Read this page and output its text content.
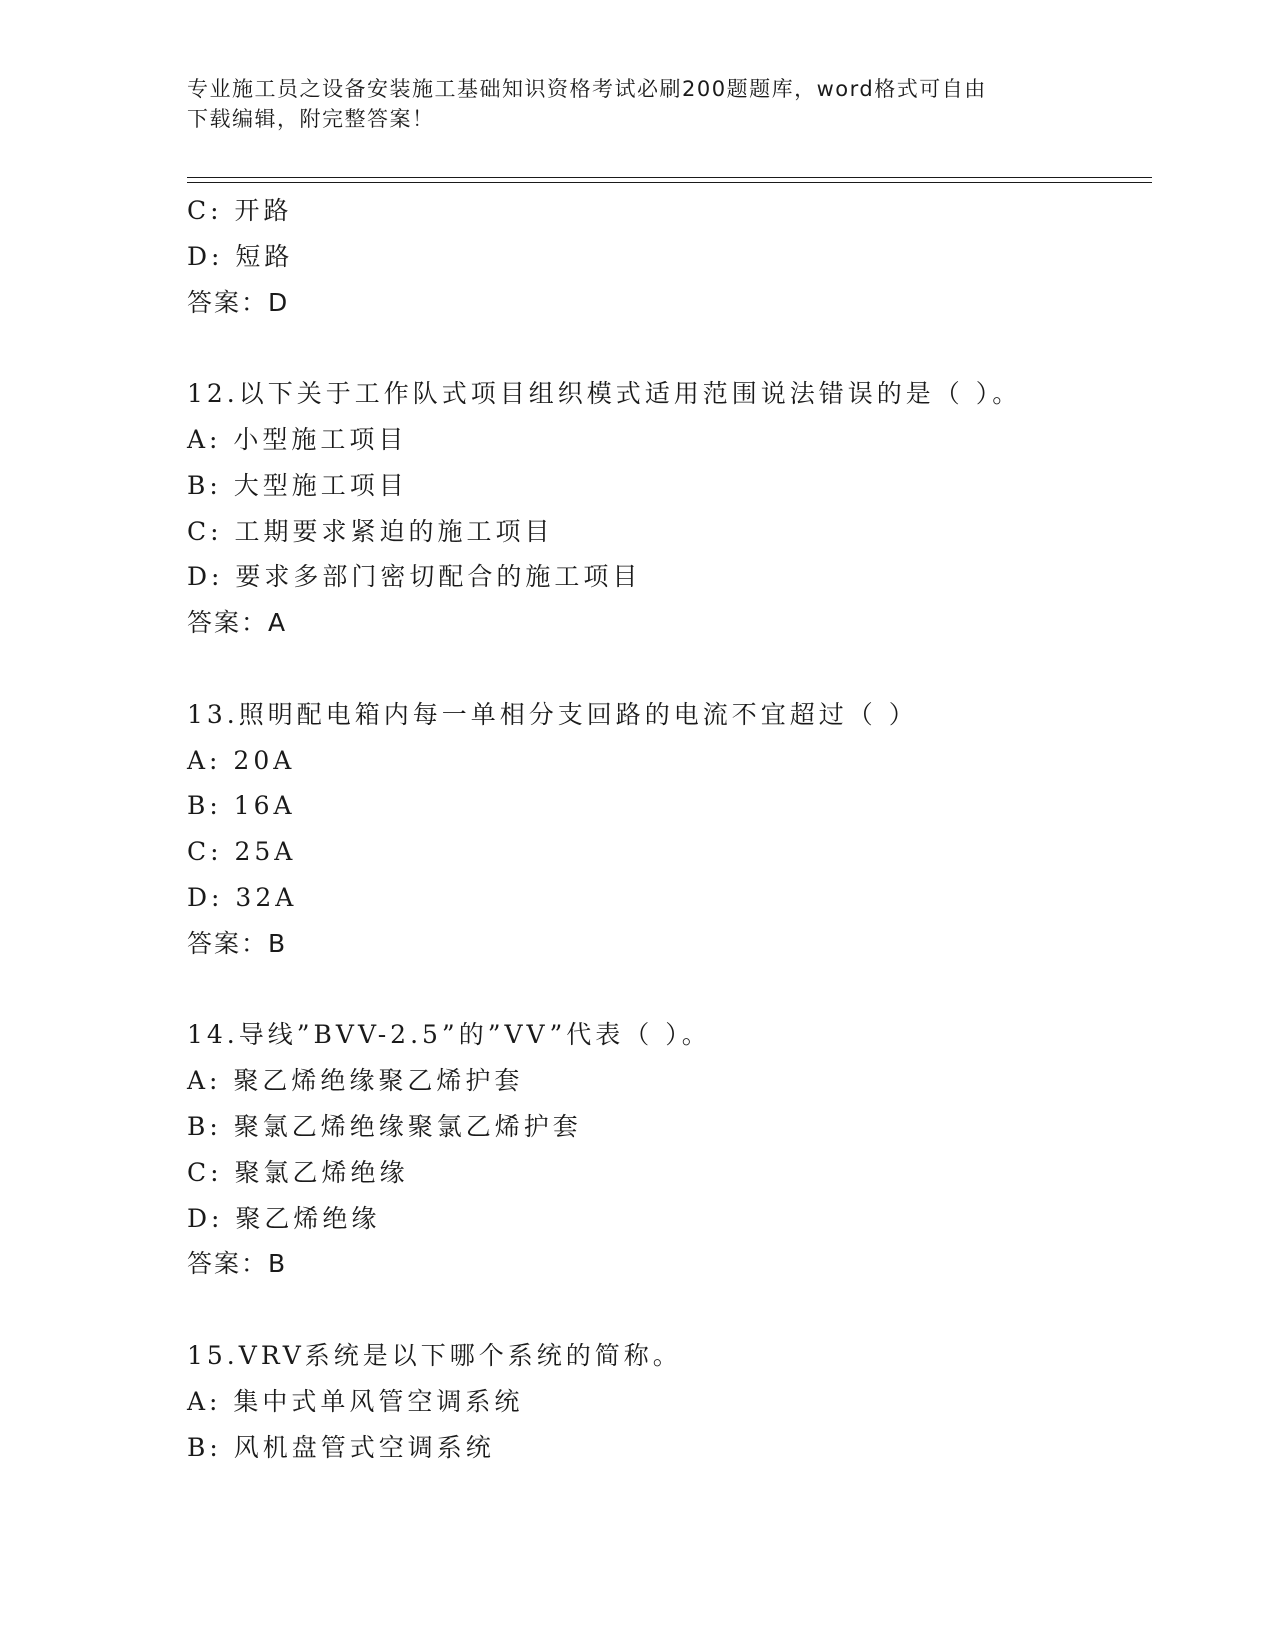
专业施工员之设备安装施工基础知识资格考试必刷200题题库，word格式可自由
下载编辑，附完整答案！
C: 开路
D: 短路
答案：D
12.以下关于工作队式项目组织模式适用范围说法错误的是（ ）。
A: 小型施工项目
B: 大型施工项目
C: 工期要求紧迫的施工项目
D: 要求多部门密切配合的施工项目
答案：A
13.照明配电箱内每一单相分支回路的电流不宜超过（ ）
A: 20A
B: 16A
C: 25A
D: 32A
答案：B
14.导线”BVV-2.5”的”VV”代表（ ）。
A: 聚乙烯绝缘聚乙烯护套
B: 聚氯乙烯绝缘聚氯乙烯护套
C: 聚氯乙烯绝缘
D: 聚乙烯绝缘
答案：B
15.VRV系统是以下哪个系统的简称。
A: 集中式单风管空调系统
B: 风机盘管式空调系统
